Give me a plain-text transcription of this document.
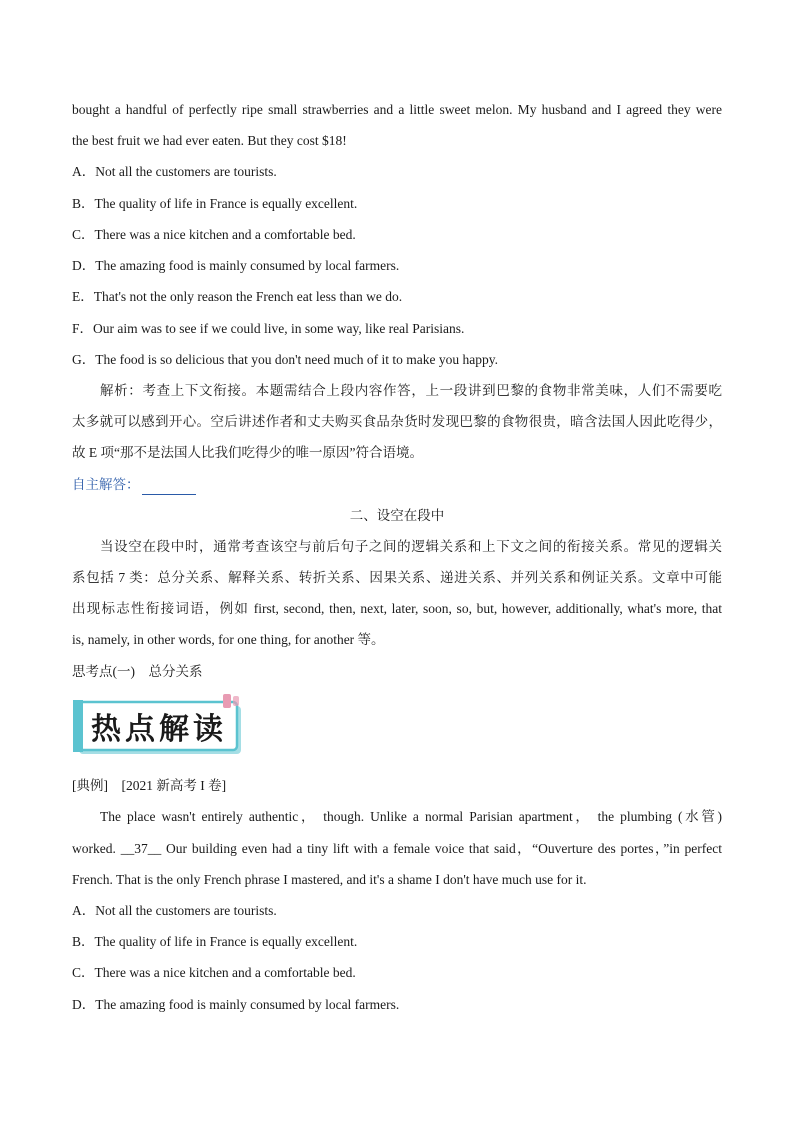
bought a handful of perfectly ripe small strawberries and a little sweet melon. My husband and I agreed they were
the best fruit we had ever eaten. But they cost $18!
A．Not all the customers are tourists.
B．The quality of life in France is equally excellent.
C．There was a nice kitchen and a comfortable bed.
D．The amazing food is mainly consumed by local farmers.
E．That's not the only reason the French eat less than we do.
F．Our aim was to see if we could live, in some way, like real Parisians.
G．The food is so delicious that you don't need much of it to make you happy.
解析：考查上下文衔接。本题需结合上段内容作答，上一段讲到巴黎的食物非常美味，人们不需要吃
太多就可以感到开心。空后讲述作者和丈夫购买食品杂货时发现巴黎的食物很贵，暗含法国人因此吃得少，
故 E 项“那不是法国人比我们吃得少的唯一原因”符合语境。
自主解答：
二、设空在段中
当设空在段中时，通常考查该空与前后句子之间的逻辑关系和上下文之间的衔接关系。常见的逻辑关
系包括 7 类：总分关系、解释关系、转折关系、因果关系、递进关系、并列关系和例证关系。文章中可能
出现标志性衔接词语，例如 first, second, then, next, later, soon, so, but, however, additionally, what's more, that
is, namely, in other words, for one thing, for another 等。
思考点(一)　总分关系
热点解读
[典例]　[2021 新高考 I 卷]
The place wasn't entirely authentic， though. Unlike a normal Parisian apartment， the plumbing (水管)
worked. __37__ Our building even had a tiny lift with a female voice that said，“Ouverture des portes，”in perfect
French. That is the only French phrase I mastered, and it's a shame I don't have much use for it.
A．Not all the customers are tourists.
B．The quality of life in France is equally excellent.
C．There was a nice kitchen and a comfortable bed.
D．The amazing food is mainly consumed by local farmers.
